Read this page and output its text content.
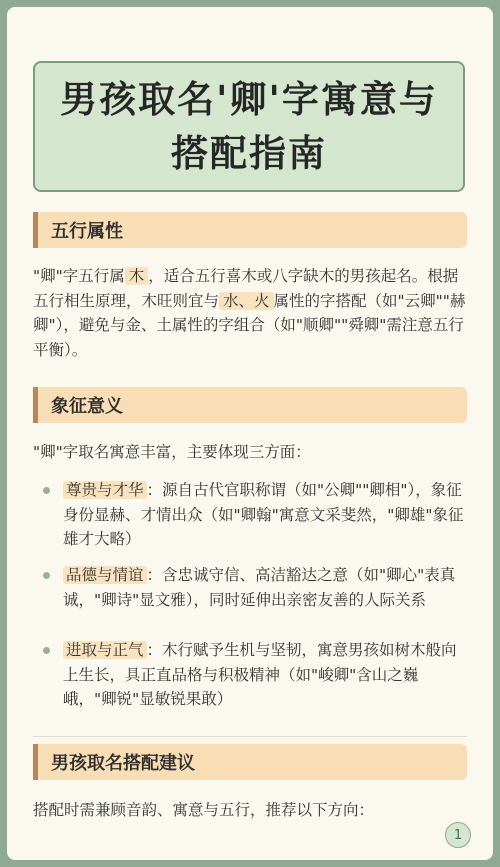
男孩取名'卿'字寓意与
搭配指南
五行属性

"卿"字五行属 木 ，适合五行喜木或八字缺木的男孩起名。根据五行相生原理，木旺则宜与 水、火 属性的字搭配（如"云卿""赫卿"），避免与金、土属性的字组合（如"顺卿""舜卿"需注意五行平衡）。

象征意义

"卿"字取名寓意丰富，主要体现三方面：

尊贵与才华 ：源自古代官职称谓（如"公卿""卿相"），象征身份显赫、才情出众（如"卿翰"寓意文采斐然，"卿雄"象征雄才大略）
品德与情谊 ：含忠诚守信、高洁豁达之意（如"卿心"表真诚，"卿诗"显文雅），同时延伸出亲密友善的人际关系
进取与正气 ：木行赋予生机与坚韧，寓意男孩如树木般向上生长，具正直品格与积极精神（如"峻卿"含山之巍峨，"卿锐"显敏锐果敢）
男孩取名搭配建议

搭配时需兼顾音韵、寓意与五行，推荐以下方向：

1
